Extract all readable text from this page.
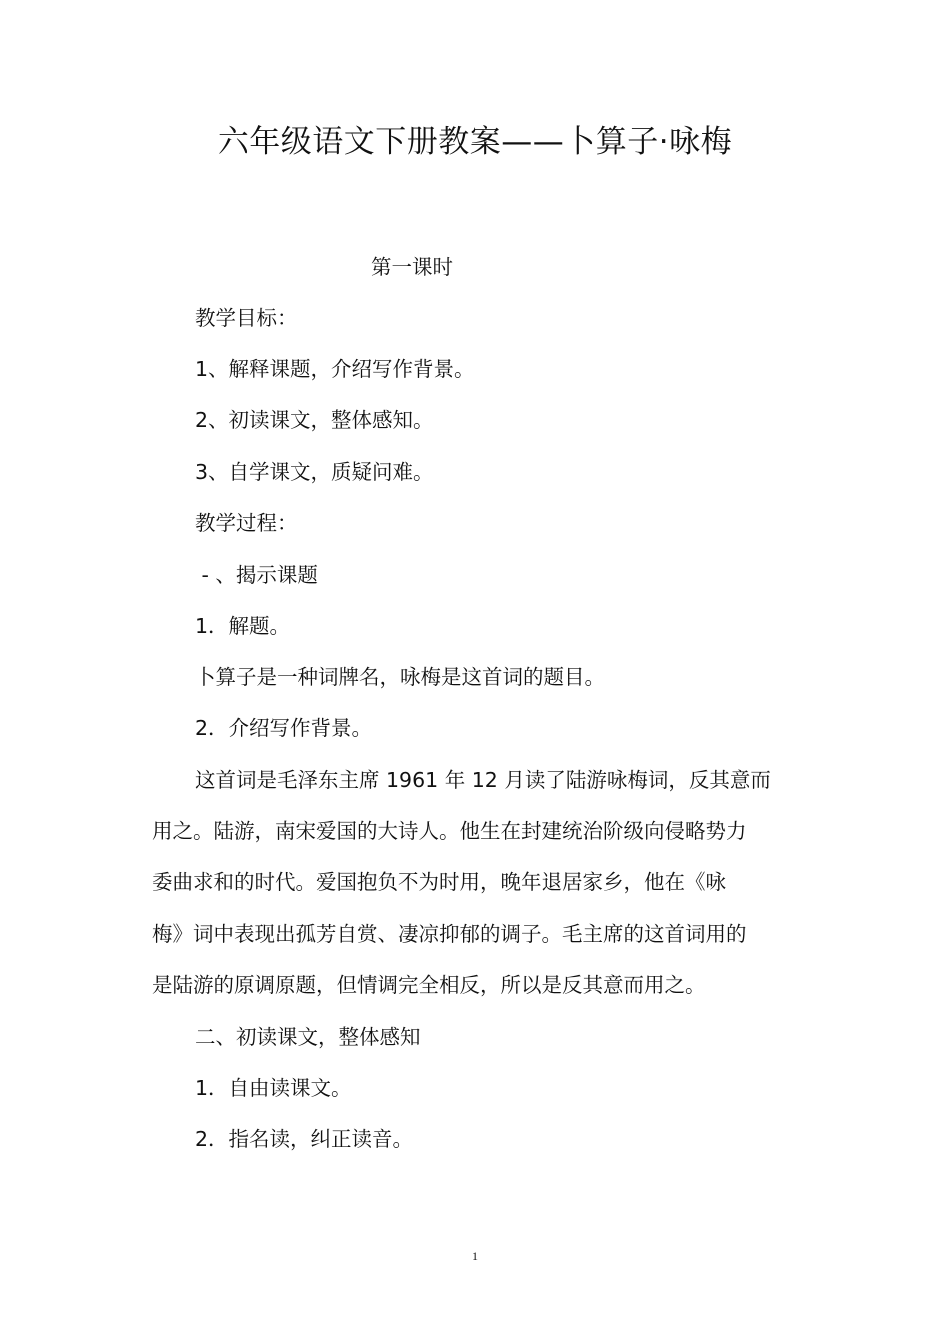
六年级语文下册教案——卜算子·咏梅
第一课时
教学目标：
1、解释课题，介绍写作背景。
2、初读课文，整体感知。
3、自学课文，质疑问难。
教学过程：
- 、揭示课题
1．解题。
卜算子是一种词牌名，咏梅是这首词的题目。
2．介绍写作背景。
这首词是毛泽东主席 1961 年 12 月读了陆游咏梅词，反其意而
用之。陆游，南宋爱国的大诗人。他生在封建统治阶级向侵略势力
委曲求和的时代。爱国抱负不为时用，晚年退居家乡，他在《咏
梅》词中表现出孤芳自赏、凄凉抑郁的调子。毛主席的这首词用的
是陆游的原调原题，但情调完全相反，所以是反其意而用之。
二、初读课文，整体感知
1．自由读课文。
2．指名读，纠正读音。
1
